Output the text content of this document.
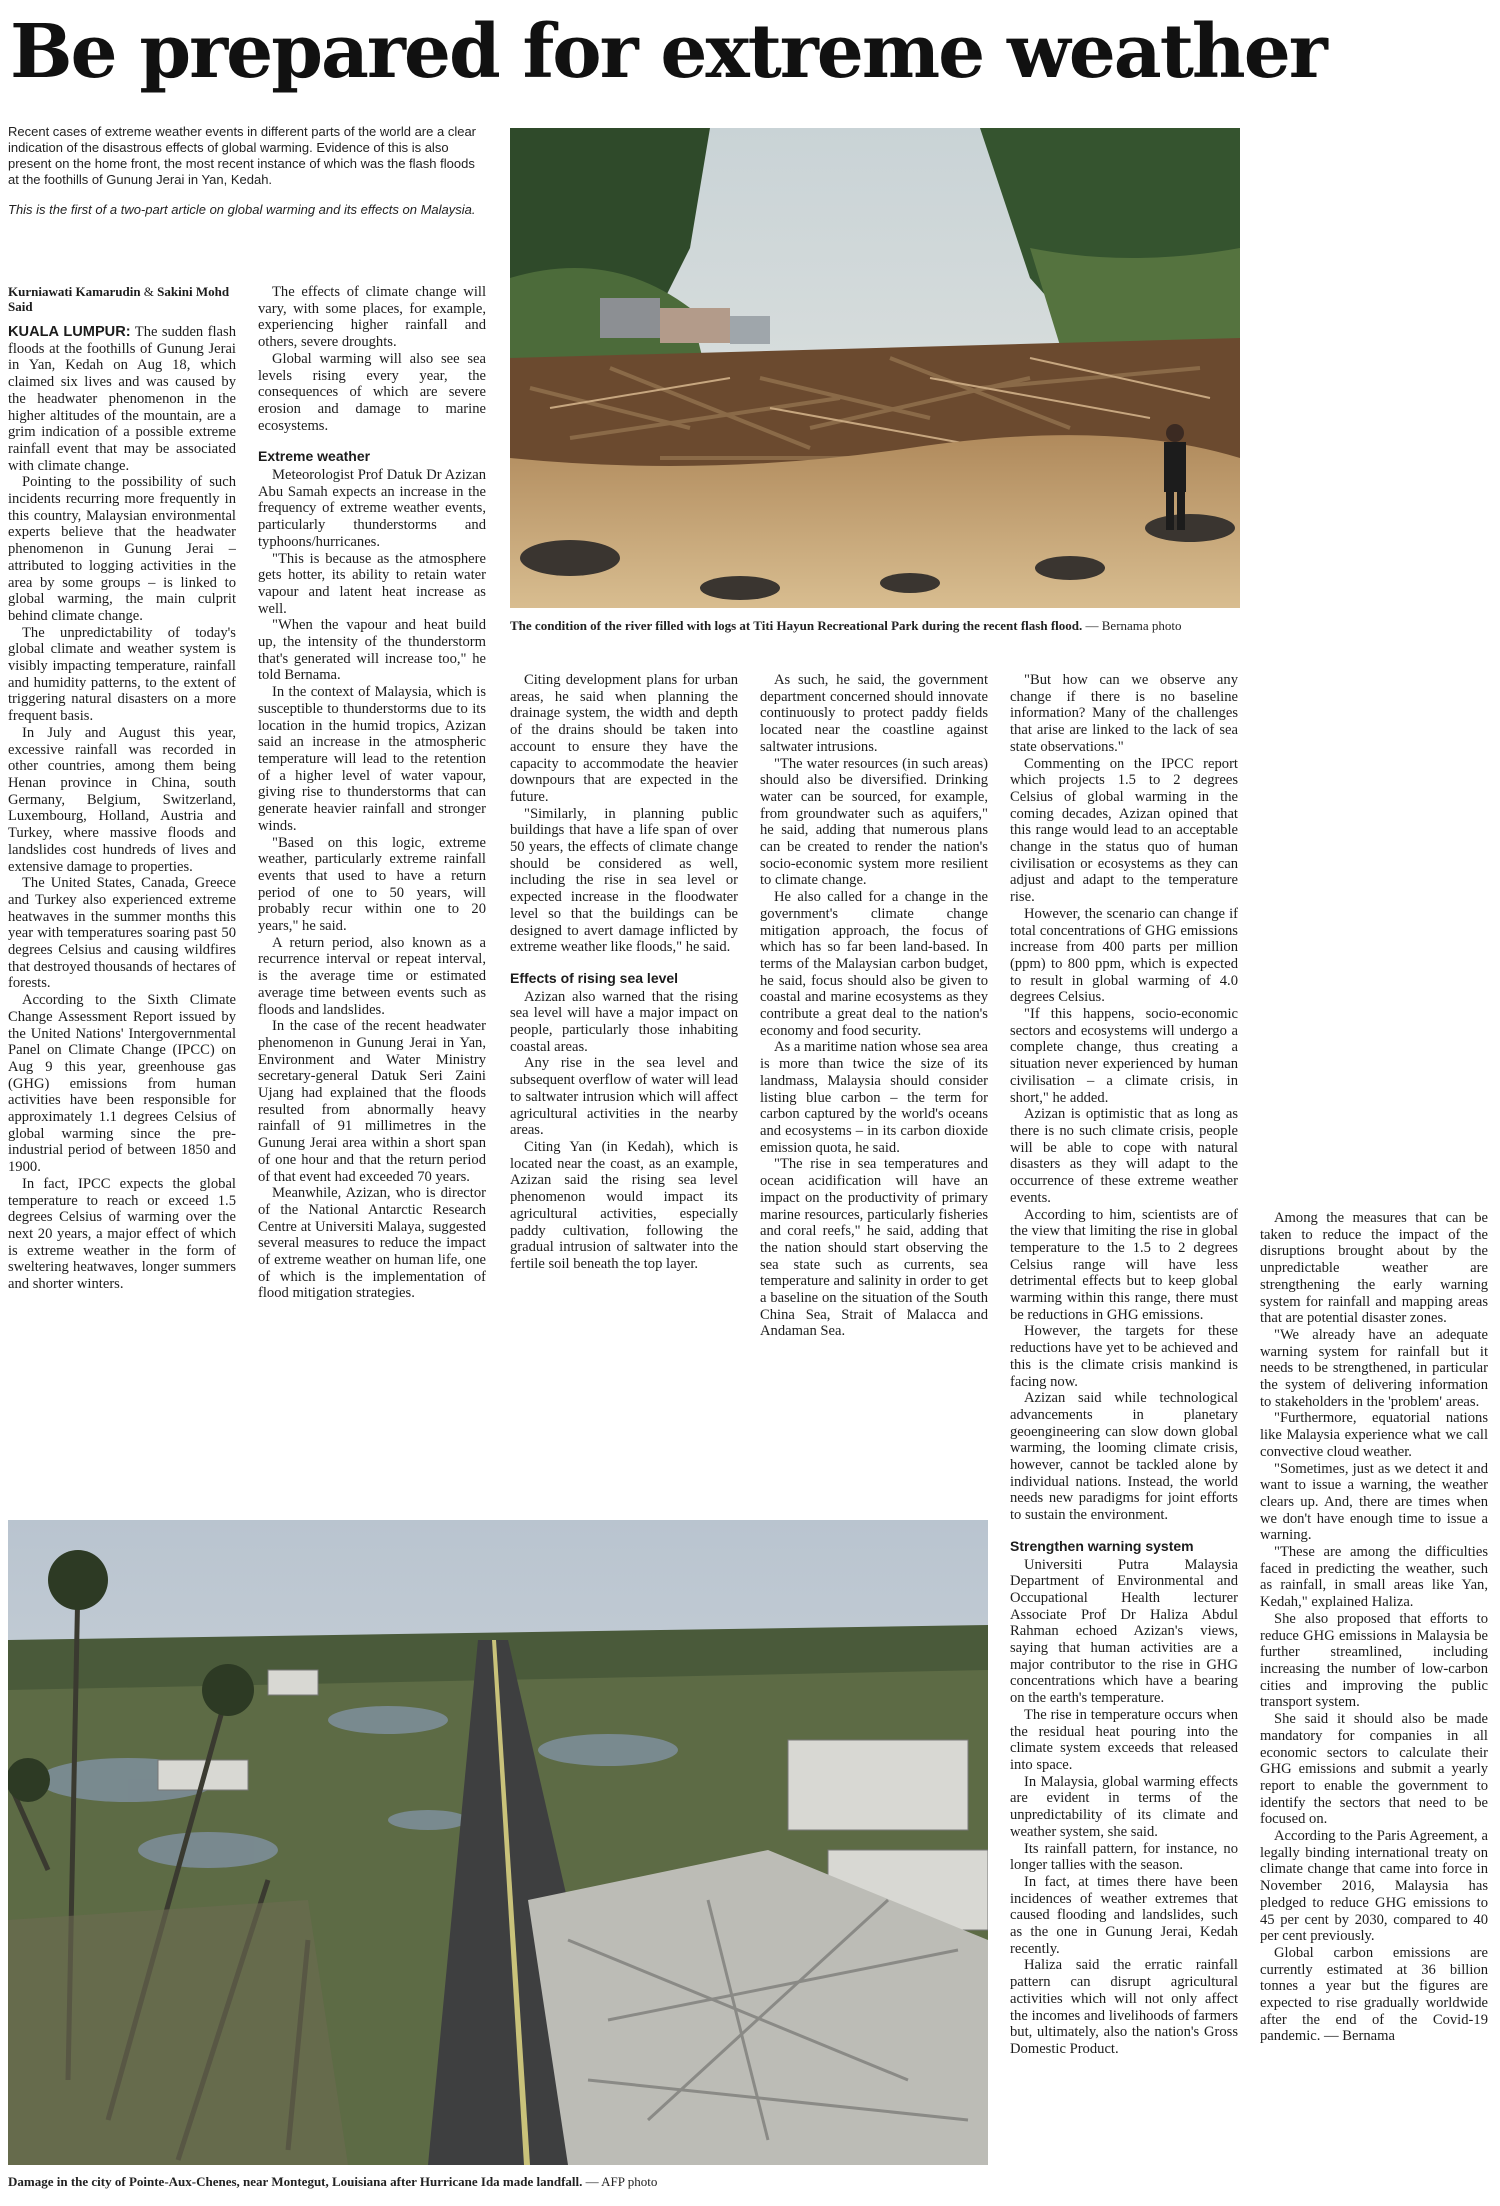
Be prepared for extreme weather

Recent cases of extreme weather events in different parts of the world are a clear indication of the disastrous effects of global warming. Evidence of this is also present on the home front, the most recent instance of which was the flash floods at the foothills of Gunung Jerai in Yan, Kedah.

This is the first of a two-part article on global warming and its effects on Malaysia.

The condition of the river filled with logs at Titi Hayun Recreational Park during the recent flash flood. — Bernama photo
Kurniawati Kamarudin & Sakini Mohd Said

KUALA LUMPUR: The sudden flash floods at the foothills of Gunung Jerai in Yan, Kedah on Aug 18, which claimed six lives and was caused by the headwater phenomenon in the higher altitudes of the mountain, are a grim indication of a possible extreme rainfall event that may be associated with climate change.

Pointing to the possibility of such incidents recurring more frequently in this country, Malaysian environmental experts believe that the headwater phenomenon in Gunung Jerai – attributed to logging activities in the area by some groups – is linked to global warming, the main culprit behind climate change.

The unpredictability of today's global climate and weather system is visibly impacting temperature, rainfall and humidity patterns, to the extent of triggering natural disasters on a more frequent basis.

In July and August this year, excessive rainfall was recorded in other countries, among them being Henan province in China, south Germany, Belgium, Switzerland, Luxembourg, Holland, Austria and Turkey, where massive floods and landslides cost hundreds of lives and extensive damage to properties.

The United States, Canada, Greece and Turkey also experienced extreme heatwaves in the summer months this year with temperatures soaring past 50 degrees Celsius and causing wildfires that destroyed thousands of hectares of forests.

According to the Sixth Climate Change Assessment Report issued by the United Nations' Intergovernmental Panel on Climate Change (IPCC) on Aug 9 this year, greenhouse gas (GHG) emissions from human activities have been responsible for approximately 1.1 degrees Celsius of global warming since the pre-industrial period of between 1850 and 1900.

In fact, IPCC expects the global temperature to reach or exceed 1.5 degrees Celsius of warming over the next 20 years, a major effect of which is extreme weather in the form of sweltering heatwaves, longer summers and shorter winters.

The effects of climate change will vary, with some places, for example, experiencing higher rainfall and others, severe droughts.

Global warming will also see sea levels rising every year, the consequences of which are severe erosion and damage to marine ecosystems.

Extreme weather

Meteorologist Prof Datuk Dr Azizan Abu Samah expects an increase in the frequency of extreme weather events, particularly thunderstorms and typhoons/hurricanes.

"This is because as the atmosphere gets hotter, its ability to retain water vapour and latent heat increase as well.

"When the vapour and heat build up, the intensity of the thunderstorm that's generated will increase too," he told Bernama.

In the context of Malaysia, which is susceptible to thunderstorms due to its location in the humid tropics, Azizan said an increase in the atmospheric temperature will lead to the retention of a higher level of water vapour, giving rise to thunderstorms that can generate heavier rainfall and stronger winds.

"Based on this logic, extreme weather, particularly extreme rainfall events that used to have a return period of one to 50 years, will probably recur within one to 20 years," he said.

A return period, also known as a recurrence interval or repeat interval, is the average time or estimated average time between events such as floods and landslides.

In the case of the recent headwater phenomenon in Gunung Jerai in Yan, Environment and Water Ministry secretary-general Datuk Seri Zaini Ujang had explained that the floods resulted from abnormally heavy rainfall of 91 millimetres in the Gunung Jerai area within a short span of one hour and that the return period of that event had exceeded 70 years.

Meanwhile, Azizan, who is director of the National Antarctic Research Centre at Universiti Malaya, suggested several measures to reduce the impact of extreme weather on human life, one of which is the implementation of flood mitigation strategies.

Citing development plans for urban areas, he said when planning the drainage system, the width and depth of the drains should be taken into account to ensure they have the capacity to accommodate the heavier downpours that are expected in the future.

"Similarly, in planning public buildings that have a life span of over 50 years, the effects of climate change should be considered as well, including the rise in sea level or expected increase in the floodwater level so that the buildings can be designed to avert damage inflicted by extreme weather like floods," he said.

Effects of rising sea level

Azizan also warned that the rising sea level will have a major impact on people, particularly those inhabiting coastal areas.

Any rise in the sea level and subsequent overflow of water will lead to saltwater intrusion which will affect agricultural activities in the nearby areas.

Citing Yan (in Kedah), which is located near the coast, as an example, Azizan said the rising sea level phenomenon would impact its agricultural activities, especially paddy cultivation, following the gradual intrusion of saltwater into the fertile soil beneath the top layer.

As such, he said, the government department concerned should innovate continuously to protect paddy fields located near the coastline against saltwater intrusions.

"The water resources (in such areas) should also be diversified. Drinking water can be sourced, for example, from groundwater such as aquifers," he said, adding that numerous plans can be created to render the nation's socio-economic system more resilient to climate change.

He also called for a change in the government's climate change mitigation approach, the focus of which has so far been land-based. In terms of the Malaysian carbon budget, he said, focus should also be given to coastal and marine ecosystems as they contribute a great deal to the nation's economy and food security.

As a maritime nation whose sea area is more than twice the size of its landmass, Malaysia should consider listing blue carbon – the term for carbon captured by the world's oceans and ecosystems – in its carbon dioxide emission quota, he said.

"The rise in sea temperatures and ocean acidification will have an impact on the productivity of primary marine resources, particularly fisheries and coral reefs," he said, adding that the nation should start observing the sea state such as currents, sea temperature and salinity in order to get a baseline on the situation of the South China Sea, Strait of Malacca and Andaman Sea.

"But how can we observe any change if there is no baseline information? Many of the challenges that arise are linked to the lack of sea state observations."

Commenting on the IPCC report which projects 1.5 to 2 degrees Celsius of global warming in the coming decades, Azizan opined that this range would lead to an acceptable change in the status quo of human civilisation or ecosystems as they can adjust and adapt to the temperature rise.

However, the scenario can change if total concentrations of GHG emissions increase from 400 parts per million (ppm) to 800 ppm, which is expected to result in global warming of 4.0 degrees Celsius.

"If this happens, socio-economic sectors and ecosystems will undergo a complete change, thus creating a situation never experienced by human civilisation – a climate crisis, in short," he added.

Azizan is optimistic that as long as there is no such climate crisis, people will be able to cope with natural disasters as they will adapt to the occurrence of these extreme weather events.

According to him, scientists are of the view that limiting the rise in global temperature to the 1.5 to 2 degrees Celsius range will have less detrimental effects but to keep global warming within this range, there must be reductions in GHG emissions.

However, the targets for these reductions have yet to be achieved and this is the climate crisis mankind is facing now.

Azizan said while technological advancements in planetary geoengineering can slow down global warming, the looming climate crisis, however, cannot be tackled alone by individual nations. Instead, the world needs new paradigms for joint efforts to sustain the environment.

Strengthen warning system

Universiti Putra Malaysia Department of Environmental and Occupational Health lecturer Associate Prof Dr Haliza Abdul Rahman echoed Azizan's views, saying that human activities are a major contributor to the rise in GHG concentrations which have a bearing on the earth's temperature.

The rise in temperature occurs when the residual heat pouring into the climate system exceeds that released into space.

In Malaysia, global warming effects are evident in terms of the unpredictability of its climate and weather system, she said.

Its rainfall pattern, for instance, no longer tallies with the season.

In fact, at times there have been incidences of weather extremes that caused flooding and landslides, such as the one in Gunung Jerai, Kedah recently.

Haliza said the erratic rainfall pattern can disrupt agricultural activities which will not only affect the incomes and livelihoods of farmers but, ultimately, also the nation's Gross Domestic Product.

Among the measures that can be taken to reduce the impact of the disruptions brought about by the unpredictable weather are strengthening the early warning system for rainfall and mapping areas that are potential disaster zones.

"We already have an adequate warning system for rainfall but it needs to be strengthened, in particular the system of delivering information to stakeholders in the 'problem' areas.

"Furthermore, equatorial nations like Malaysia experience what we call convective cloud weather.

"Sometimes, just as we detect it and want to issue a warning, the weather clears up. And, there are times when we don't have enough time to issue a warning.

"These are among the difficulties faced in predicting the weather, such as rainfall, in small areas like Yan, Kedah," explained Haliza.

She also proposed that efforts to reduce GHG emissions in Malaysia be further streamlined, including increasing the number of low-carbon cities and improving the public transport system.

She said it should also be made mandatory for companies in all economic sectors to calculate their GHG emissions and submit a yearly report to enable the government to identify the sectors that need to be focused on.

According to the Paris Agreement, a legally binding international treaty on climate change that came into force in November 2016, Malaysia has pledged to reduce GHG emissions to 45 per cent by 2030, compared to 40 per cent previously.

Global carbon emissions are currently estimated at 36 billion tonnes a year but the figures are expected to rise gradually worldwide after the end of the Covid-19 pandemic. — Bernama

Damage in the city of Pointe-Aux-Chenes, near Montegut, Louisiana after Hurricane Ida made landfall. — AFP photo
